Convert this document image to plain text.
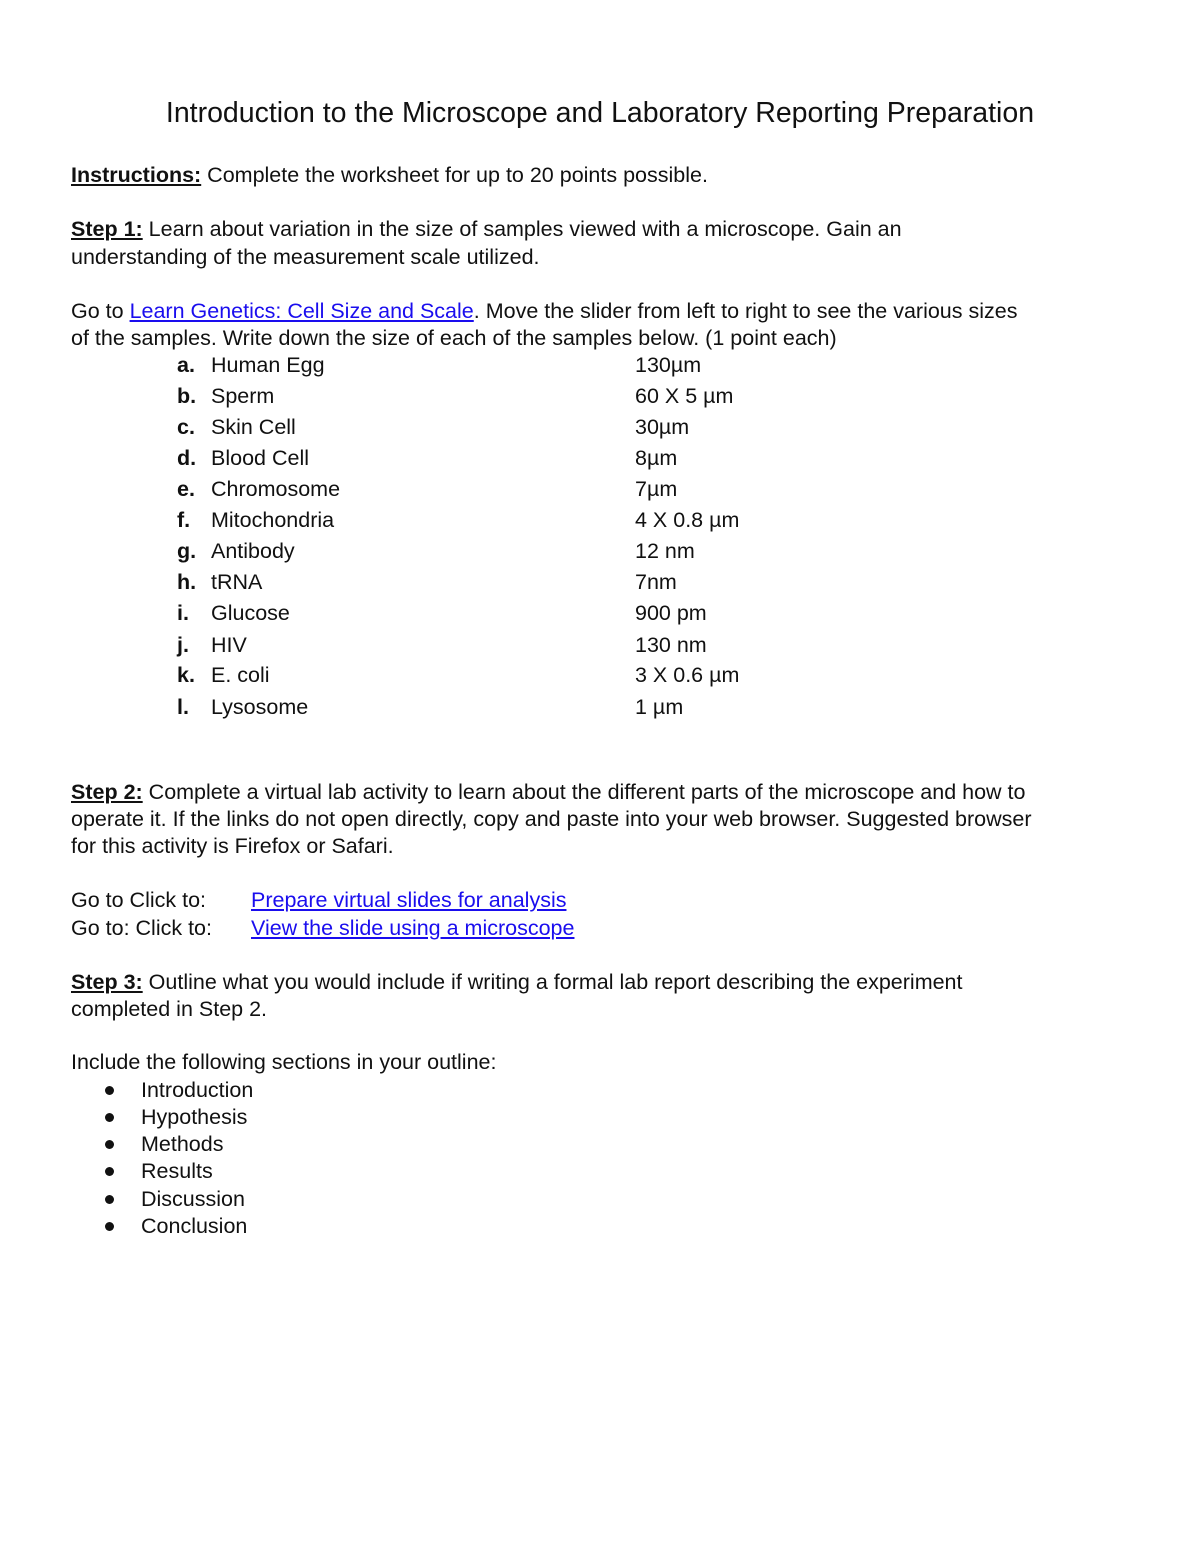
Introduction to the Microscope and Laboratory Reporting Preparation
Instructions: Complete the worksheet for up to 20 points possible.
Step 1: Learn about variation in the size of samples viewed with a microscope. Gain an
understanding of the measurement scale utilized.
Go to Learn Genetics: Cell Size and Scale. Move the slider from left to right to see the various sizes
of the samples. Write down the size of each of the samples below. (1 point each)
a. Human Egg	130µm
b. Sperm	60 X 5 µm
c. Skin Cell	30µm
d. Blood Cell	8µm
e. Chromosome	7µm
f. Mitochondria	4 X 0.8 µm
g. Antibody	12 nm
h. tRNA	7nm
i. Glucose	900 pm
j. HIV	130 nm
k. E. coli	3 X 0.6 µm
l. Lysosome	1 µm
Step 2: Complete a virtual lab activity to learn about the different parts of the microscope and how to
operate it. If the links do not open directly, copy and paste into your web browser. Suggested browser
for this activity is Firefox or Safari.
Go to Click to: Prepare virtual slides for analysis
Go to: Click to: View the slide using a microscope
Step 3: Outline what you would include if writing a formal lab report describing the experiment
completed in Step 2.
Include the following sections in your outline:
Introduction
Hypothesis
Methods
Results
Discussion
Conclusion
